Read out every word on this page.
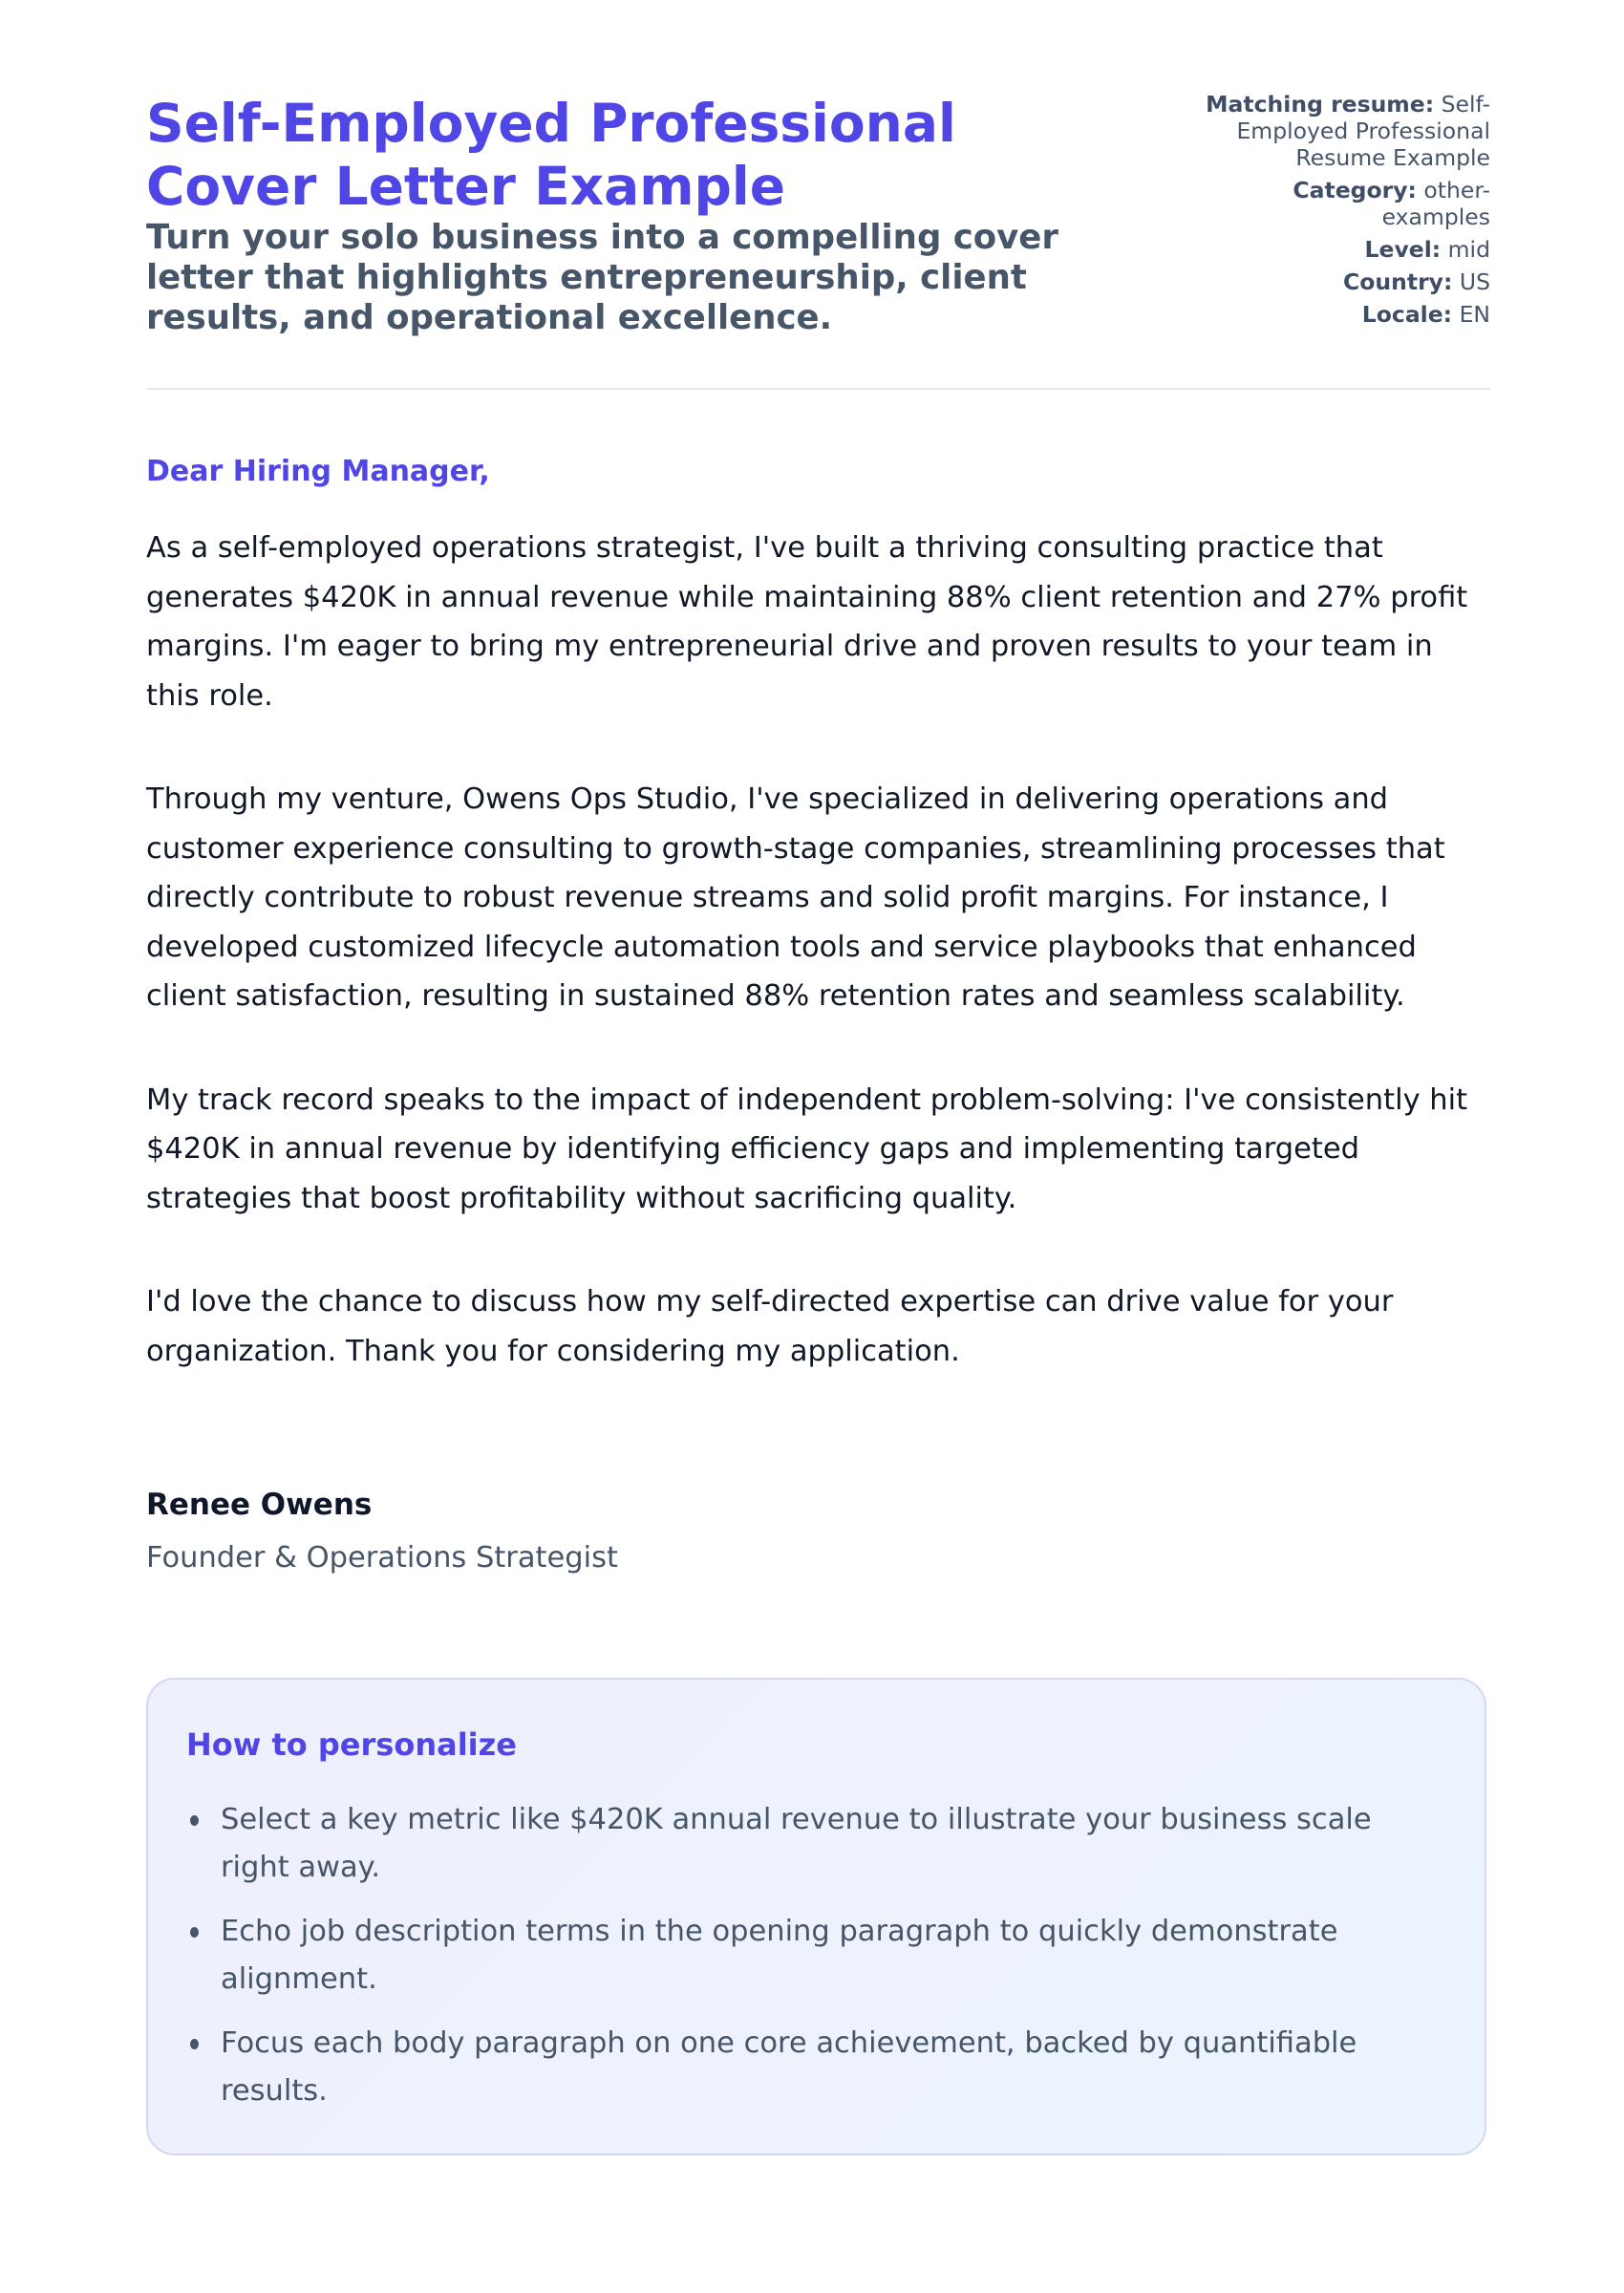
Self-Employed Professional Cover Letter Example

Turn your solo business into a compelling cover letter that highlights entrepreneurship, client results, and operational excellence.

Matching resume: Self-Employed Professional Resume Example
Category: other-examples
Level: mid
Country: US
Locale: EN

Dear Hiring Manager,

As a self-employed operations strategist, I've built a thriving consulting practice that generates $420K in annual revenue while maintaining 88% client retention and 27% profit margins. I'm eager to bring my entrepreneurial drive and proven results to your team in this role.

Through my venture, Owens Ops Studio, I've specialized in delivering operations and customer experience consulting to growth-stage companies, streamlining processes that directly contribute to robust revenue streams and solid profit margins. For instance, I developed customized lifecycle automation tools and service playbooks that enhanced client satisfaction, resulting in sustained 88% retention rates and seamless scalability.

My track record speaks to the impact of independent problem-solving: I've consistently hit $420K in annual revenue by identifying efficiency gaps and implementing targeted strategies that boost profitability without sacrificing quality.

I'd love the chance to discuss how my self-directed expertise can drive value for your organization. Thank you for considering my application.

Renee Owens
Founder & Operations Strategist
How to personalize
Select a key metric like $420K annual revenue to illustrate your business scale right away.
Echo job description terms in the opening paragraph to quickly demonstrate alignment.
Focus each body paragraph on one core achievement, backed by quantifiable results.
